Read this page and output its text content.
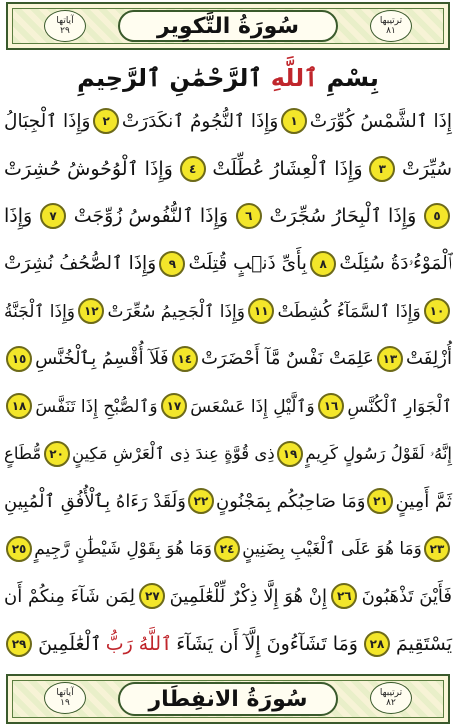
آياتها
٢٩	سُورَةُ التَّكوِير	ترتيبها
٨١
بِسْمِ

ٱللَّهِ

ٱلرَّحْمَٰنِ ٱلرَّحِيمِ
إِذَا ٱلشَّمْسُ كُوِّرَتْ
١
وَإِذَا ٱلنُّجُومُ ٱنكَدَرَتْ
٢
وَإِذَا ٱلْجِبَالُ
سُيِّرَتْ
٣
وَإِذَا ٱلْعِشَارُ عُطِّلَتْ
٤
وَإِذَا ٱلْوُحُوشُ حُشِرَتْ
٥
وَإِذَا ٱلْبِحَارُ سُجِّرَتْ
٦
وَإِذَا ٱلنُّفُوسُ زُوِّجَتْ
٧
وَإِذَا
ٱلْمَوْءُۥدَةُ سُئِلَتْ
٨
بِأَىِّ ذَنۢبٍ قُتِلَتْ
٩
وَإِذَا ٱلصُّحُفُ نُشِرَتْ
١٠
وَإِذَا ٱلسَّمَآءُ كُشِطَتْ
١١
وَإِذَا ٱلْجَحِيمُ سُعِّرَتْ
١٢
وَإِذَا ٱلْجَنَّةُ
أُزْلِفَتْ
١٣
عَلِمَتْ نَفْسٌ مَّآ أَحْضَرَتْ
١٤
فَلَآ أُقْسِمُ بِٱلْخُنَّسِ
١٥
ٱلْجَوَارِ ٱلْكُنَّسِ
١٦
وَٱلَّيْلِ إِذَا عَسْعَسَ
١٧
وَٱلصُّبْحِ إِذَا تَنَفَّسَ
١٨
إِنَّهُۥ لَقَوْلُ رَسُولٍ كَرِيمٍ
١٩
ذِى قُوَّةٍ عِندَ ذِى ٱلْعَرْشِ مَكِينٍ
٢٠
مُّطَاعٍ
ثَمَّ أَمِينٍ
٢١
وَمَا صَاحِبُكُم بِمَجْنُونٍ
٢٢
وَلَقَدْ رَءَاهُ بِٱلْأُفُقِ ٱلْمُبِينِ
٢٣
وَمَا هُوَ عَلَى ٱلْغَيْبِ بِضَنِينٍ
٢٤
وَمَا هُوَ بِقَوْلِ شَيْطَٰنٍ رَّجِيمٍ
٢٥
فَأَيْنَ تَذْهَبُونَ
٢٦
إِنْ هُوَ إِلَّا ذِكْرٌ لِّلْعَٰلَمِينَ
٢٧
لِمَن شَآءَ مِنكُمْ أَن
يَسْتَقِيمَ
٢٨
وَمَا تَشَآءُونَ إِلَّآ أَن يَشَآءَ
ٱللَّهُ رَبُّ
ٱلْعَٰلَمِينَ
٢٩
آياتها
١٩	سُورَةُ الانفِطَار	ترتيبها
٨٢
